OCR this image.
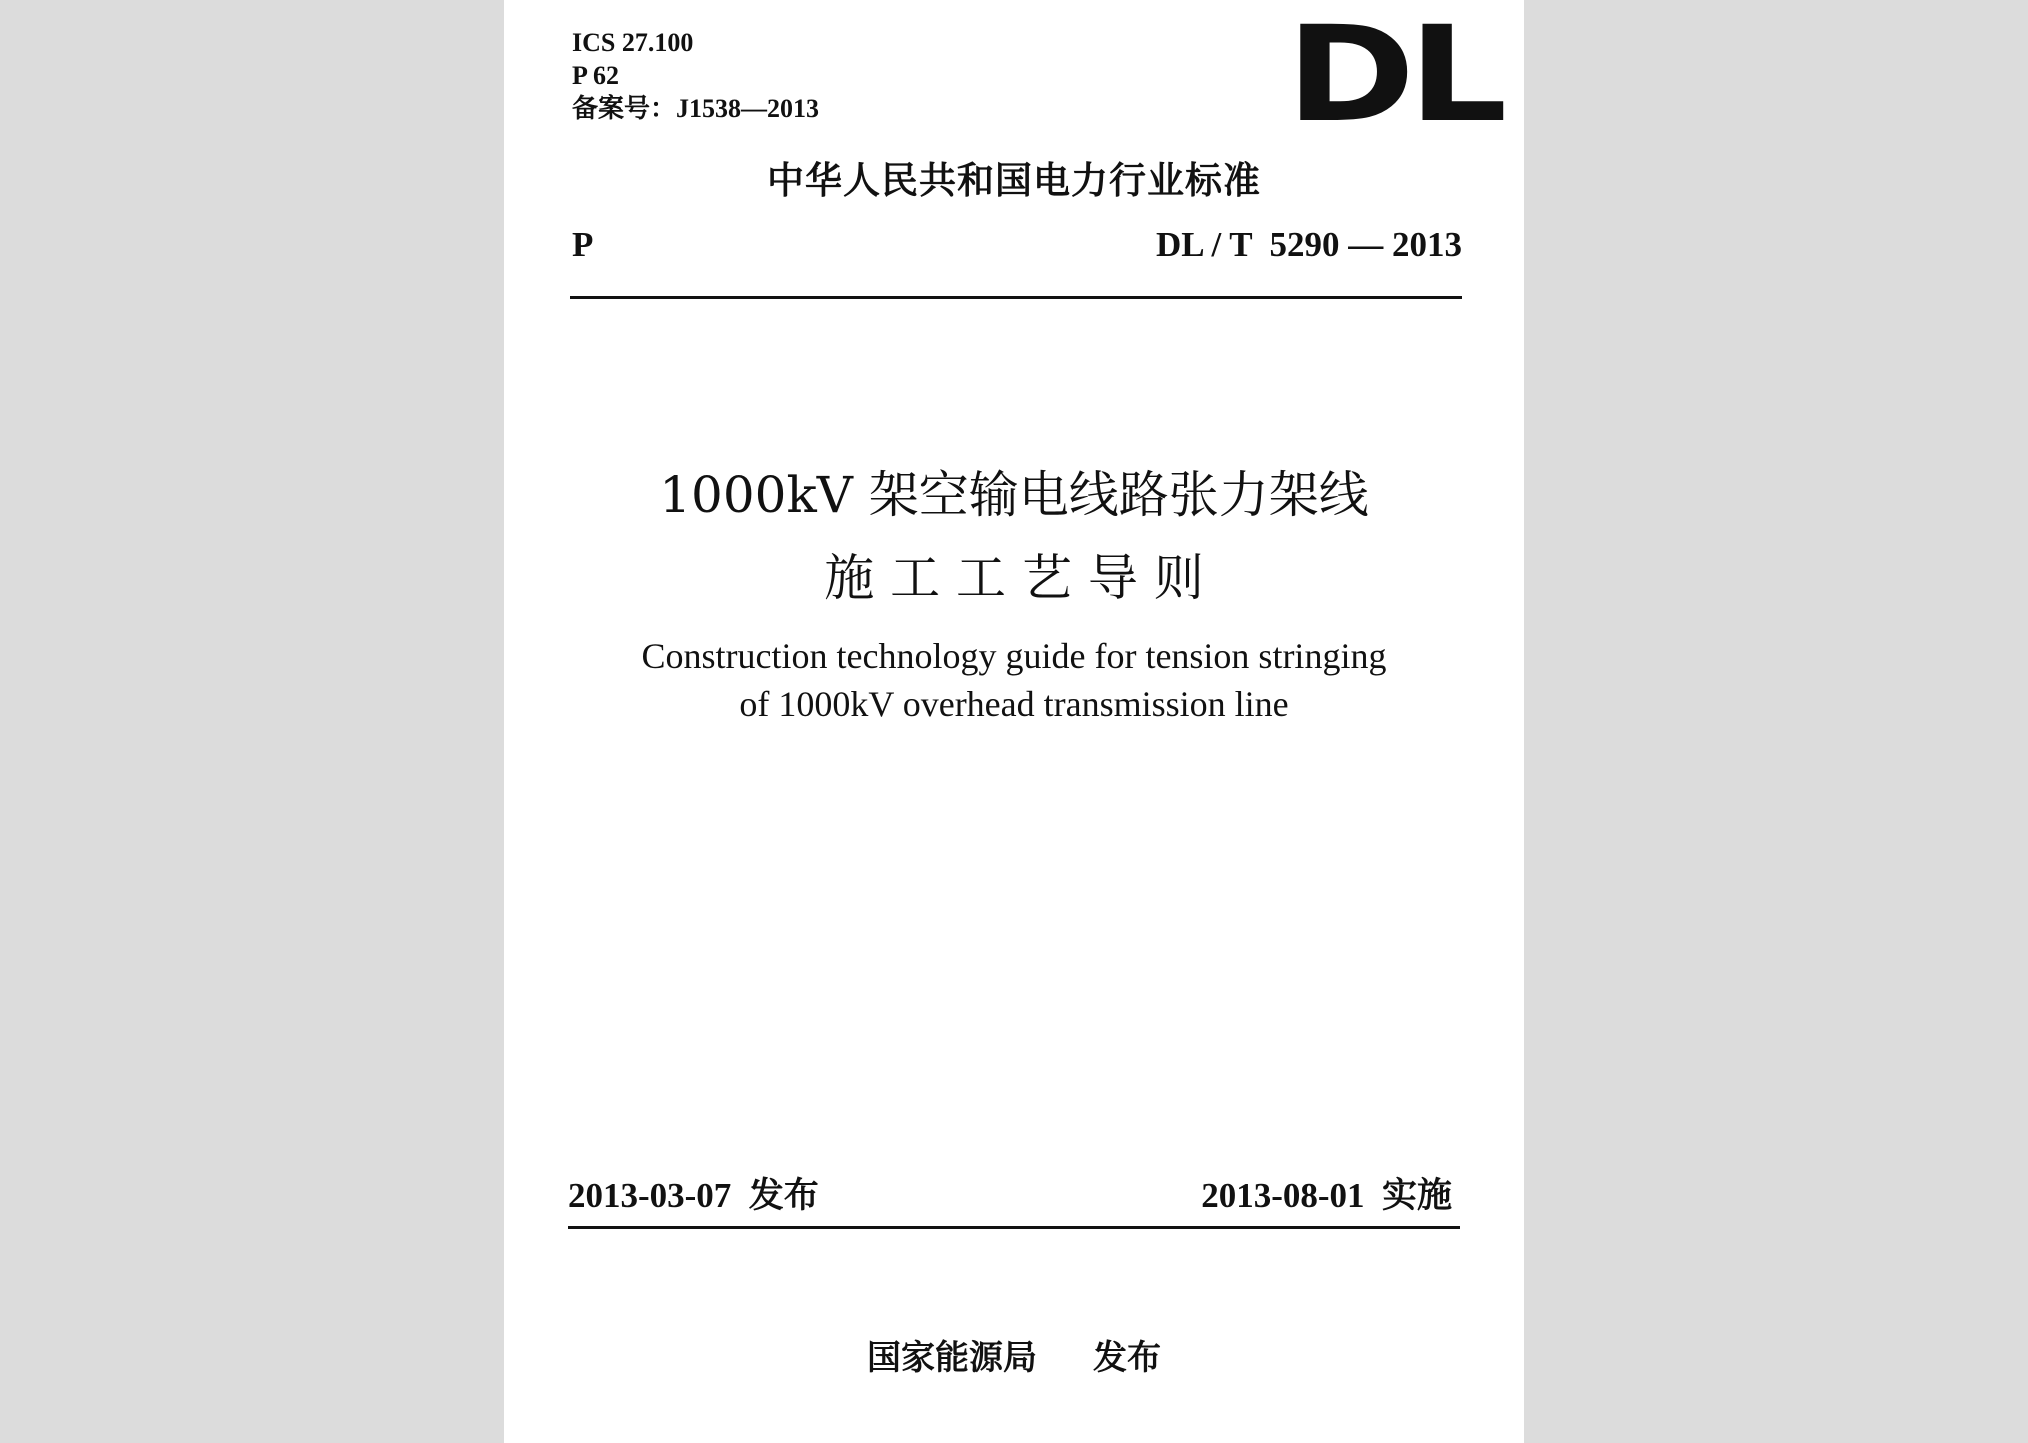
ICS 27.100
P 62
备案号：J1538—2013	DL
中华人民共和国电力行业标准
P	DL / T  5290 — 2013
1000kV 架空输电线路张力架线
施 工 工 艺 导 则
Construction technology guide for tension stringing
of 1000kV overhead transmission line
2013-03-07  发布	2013-08-01  实施
国家能源局 发布
